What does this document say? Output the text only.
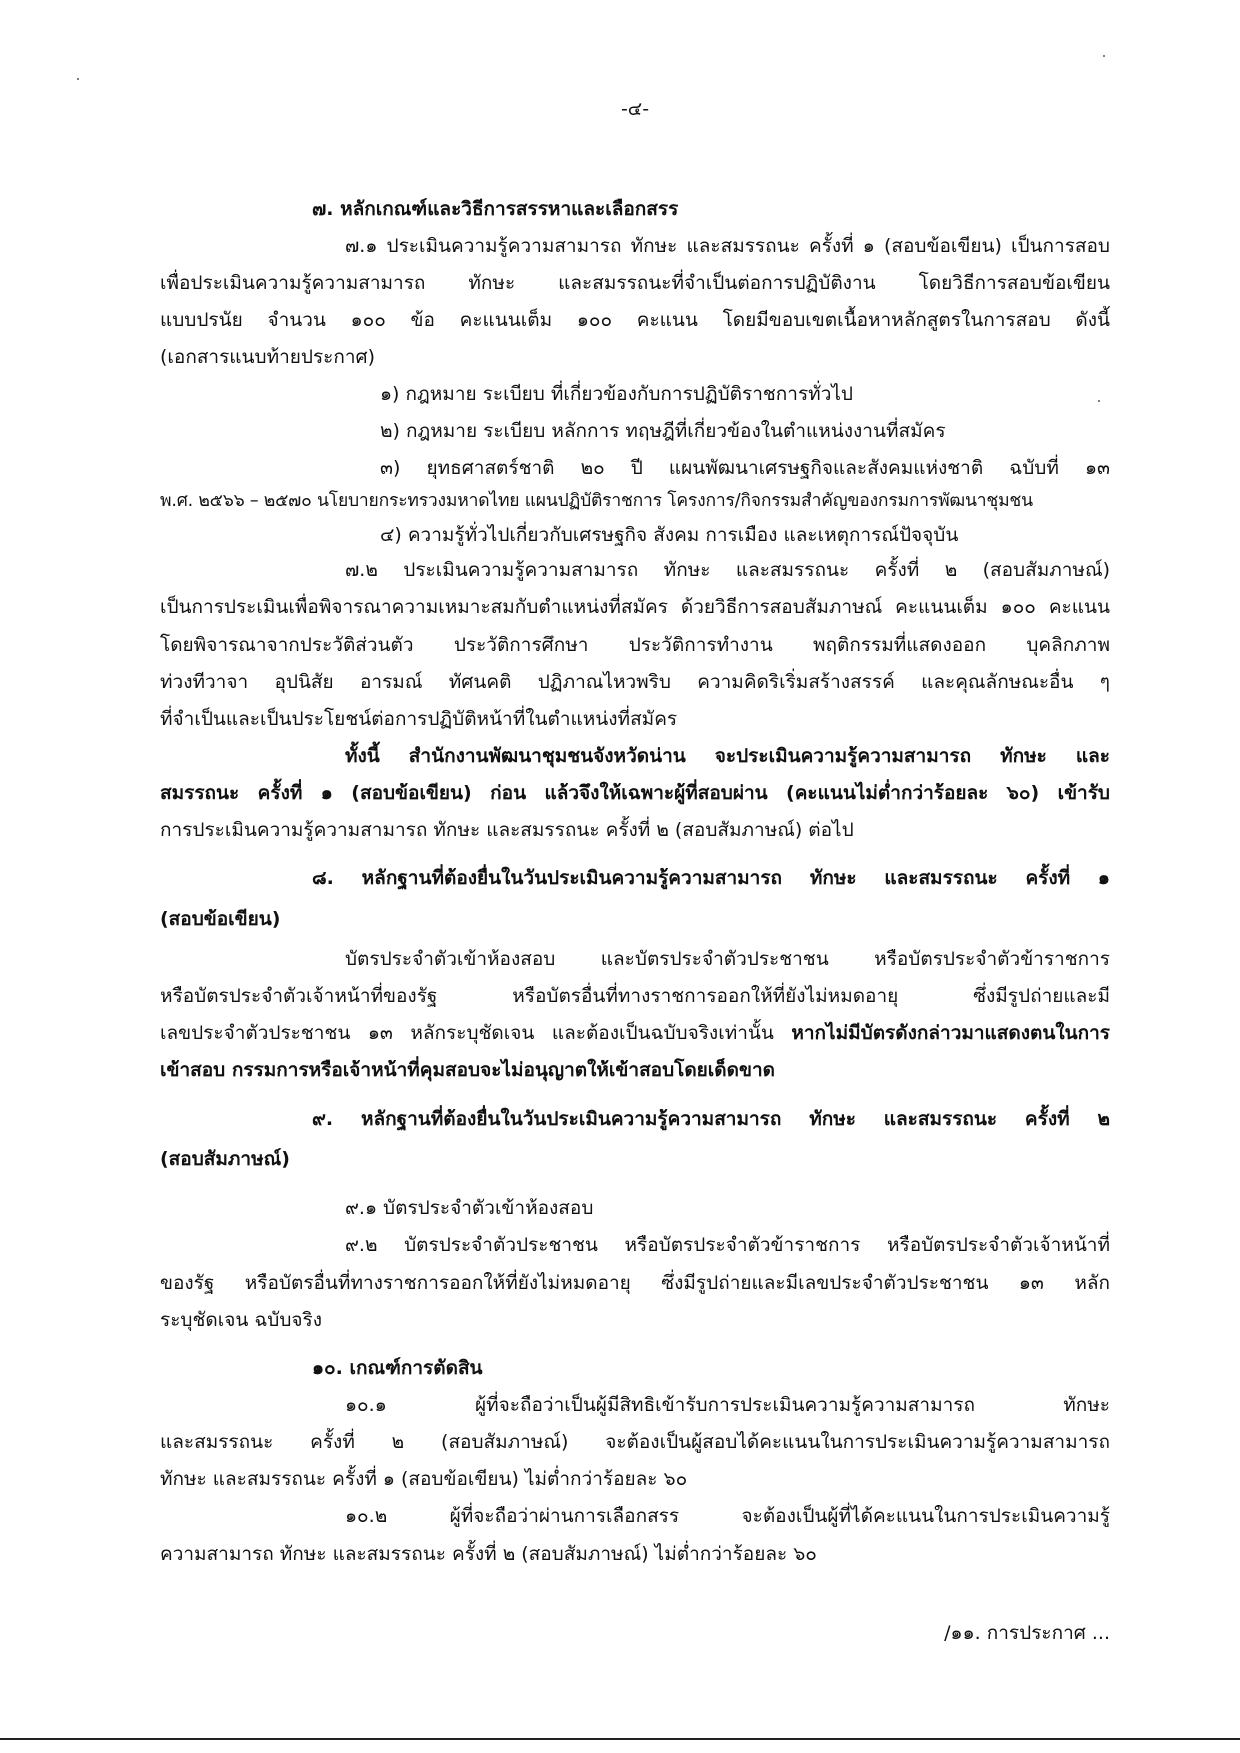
-๔-
๗. หลักเกณฑ์และวิธีการสรรหาและเลือกสรร
๗.๑ ประเมินความรู้ความสามารถ ทักษะ และสมรรถนะ ครั้งที่ ๑ (สอบข้อเขียน) เป็นการสอบ
เพื่อประเมินความรู้ความสามารถ ทักษะ และสมรรถนะที่จำเป็นต่อการปฏิบัติงาน โดยวิธีการสอบข้อเขียน
แบบปรนัย จำนวน ๑๐๐ ข้อ คะแนนเต็ม ๑๐๐ คะแนน โดยมีขอบเขตเนื้อหาหลักสูตรในการสอบ ดังนี้
(เอกสารแนบท้ายประกาศ)
๑) กฎหมาย ระเบียบ ที่เกี่ยวข้องกับการปฏิบัติราชการทั่วไป
๒) กฎหมาย ระเบียบ หลักการ ทฤษฎีที่เกี่ยวข้องในตำแหน่งงานที่สมัคร
๓) ยุทธศาสตร์ชาติ ๒๐ ปี แผนพัฒนาเศรษฐกิจและสังคมแห่งชาติ ฉบับที่ ๑๓
พ.ศ. ๒๕๖๖ – ๒๕๗๐ นโยบายกระทรวงมหาดไทย แผนปฏิบัติราชการ โครงการ/กิจกรรมสำคัญของกรมการพัฒนาชุมชน
๔) ความรู้ทั่วไปเกี่ยวกับเศรษฐกิจ สังคม การเมือง และเหตุการณ์ปัจจุบัน
๗.๒ ประเมินความรู้ความสามารถ ทักษะ และสมรรถนะ ครั้งที่ ๒ (สอบสัมภาษณ์)
เป็นการประเมินเพื่อพิจารณาความเหมาะสมกับตำแหน่งที่สมัคร ด้วยวิธีการสอบสัมภาษณ์ คะแนนเต็ม ๑๐๐ คะแนน
โดยพิจารณาจากประวัติส่วนตัว ประวัติการศึกษา ประวัติการทำงาน พฤติกรรมที่แสดงออก บุคลิกภาพ
ท่วงทีวาจา อุปนิสัย อารมณ์ ทัศนคติ ปฏิภาณไหวพริบ ความคิดริเริ่มสร้างสรรค์ และคุณลักษณะอื่น ๆ
ที่จำเป็นและเป็นประโยชน์ต่อการปฏิบัติหน้าที่ในตำแหน่งที่สมัคร
ทั้งนี้ สำนักงานพัฒนาชุมชนจังหวัดน่าน จะประเมินความรู้ความสามารถ ทักษะ และ
สมรรถนะ ครั้งที่ ๑ (สอบข้อเขียน) ก่อน แล้วจึงให้เฉพาะผู้ที่สอบผ่าน (คะแนนไม่ต่ำกว่าร้อยละ ๖๐) เข้ารับ
การประเมินความรู้ความสามารถ ทักษะ และสมรรถนะ ครั้งที่ ๒ (สอบสัมภาษณ์) ต่อไป
๘. หลักฐานที่ต้องยื่นในวันประเมินความรู้ความสามารถ ทักษะ และสมรรถนะ ครั้งที่ ๑
(สอบข้อเขียน)
บัตรประจำตัวเข้าห้องสอบ และบัตรประจำตัวประชาชน หรือบัตรประจำตัวข้าราชการ
หรือบัตรประจำตัวเจ้าหน้าที่ของรัฐ หรือบัตรอื่นที่ทางราชการออกให้ที่ยังไม่หมดอายุ ซึ่งมีรูปถ่ายและมี
เลขประจำตัวประชาชน ๑๓ หลักระบุชัดเจน และต้องเป็นฉบับจริงเท่านั้น หากไม่มีบัตรดังกล่าวมาแสดงตนในการ
เข้าสอบ กรรมการหรือเจ้าหน้าที่คุมสอบจะไม่อนุญาตให้เข้าสอบโดยเด็ดขาด
๙. หลักฐานที่ต้องยื่นในวันประเมินความรู้ความสามารถ ทักษะ และสมรรถนะ ครั้งที่ ๒
(สอบสัมภาษณ์)
๙.๑ บัตรประจำตัวเข้าห้องสอบ
๙.๒ บัตรประจำตัวประชาชน หรือบัตรประจำตัวข้าราชการ หรือบัตรประจำตัวเจ้าหน้าที่
ของรัฐ หรือบัตรอื่นที่ทางราชการออกให้ที่ยังไม่หมดอายุ ซึ่งมีรูปถ่ายและมีเลขประจำตัวประชาชน ๑๓ หลัก
ระบุชัดเจน ฉบับจริง
๑๐. เกณฑ์การตัดสิน
๑๐.๑ ผู้ที่จะถือว่าเป็นผู้มีสิทธิเข้ารับการประเมินความรู้ความสามารถ ทักษะ
และสมรรถนะ ครั้งที่ ๒ (สอบสัมภาษณ์) จะต้องเป็นผู้สอบได้คะแนนในการประเมินความรู้ความสามารถ
ทักษะ และสมรรถนะ ครั้งที่ ๑ (สอบข้อเขียน) ไม่ต่ำกว่าร้อยละ ๖๐
๑๐.๒ ผู้ที่จะถือว่าผ่านการเลือกสรร จะต้องเป็นผู้ที่ได้คะแนนในการประเมินความรู้
ความสามารถ ทักษะ และสมรรถนะ ครั้งที่ ๒ (สอบสัมภาษณ์) ไม่ต่ำกว่าร้อยละ ๖๐
/๑๑. การประกาศ ...
